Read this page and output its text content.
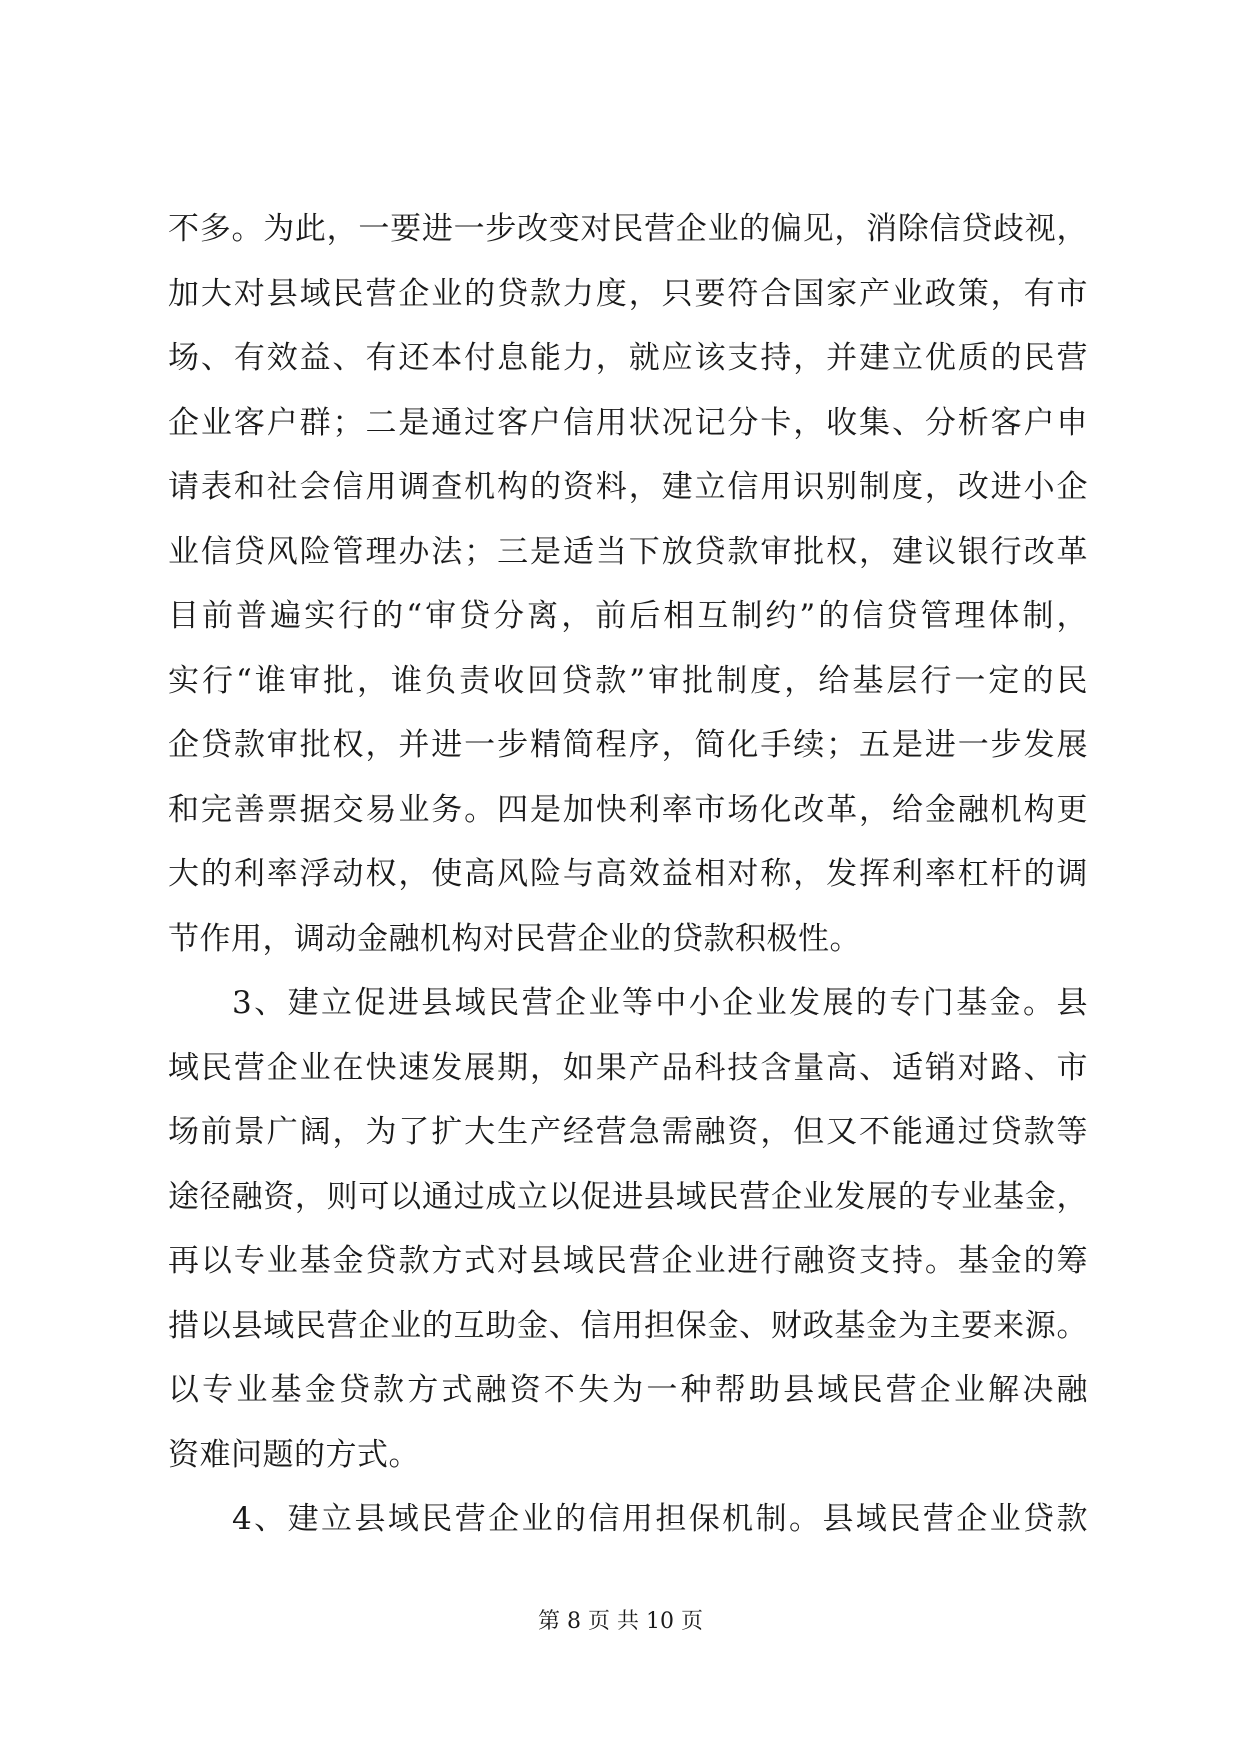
不多。为此，一要进一步改变对民营企业的偏见，消除信贷歧视，
加大对县域民营企业的贷款力度，只要符合国家产业政策，有市
场、有效益、有还本付息能力，就应该支持，并建立优质的民营
企业客户群；二是通过客户信用状况记分卡，收集、分析客户申
请表和社会信用调查机构的资料，建立信用识别制度，改进小企
业信贷风险管理办法；三是适当下放贷款审批权，建议银行改革
目前普遍实行的“审贷分离，前后相互制约”的信贷管理体制，
实行“谁审批，谁负责收回贷款”审批制度，给基层行一定的民
企贷款审批权，并进一步精简程序，简化手续；五是进一步发展
和完善票据交易业务。四是加快利率市场化改革，给金融机构更
大的利率浮动权，使高风险与高效益相对称，发挥利率杠杆的调
节作用，调动金融机构对民营企业的贷款积极性。
3、建立促进县域民营企业等中小企业发展的专门基金。县
域民营企业在快速发展期，如果产品科技含量高、适销对路、市
场前景广阔，为了扩大生产经营急需融资，但又不能通过贷款等
途径融资，则可以通过成立以促进县域民营企业发展的专业基金，
再以专业基金贷款方式对县域民营企业进行融资支持。基金的筹
措以县域民营企业的互助金、信用担保金、财政基金为主要来源。
以专业基金贷款方式融资不失为一种帮助县域民营企业解决融
资难问题的方式。
4、建立县域民营企业的信用担保机制。县域民营企业贷款
第 8 页 共 10 页
